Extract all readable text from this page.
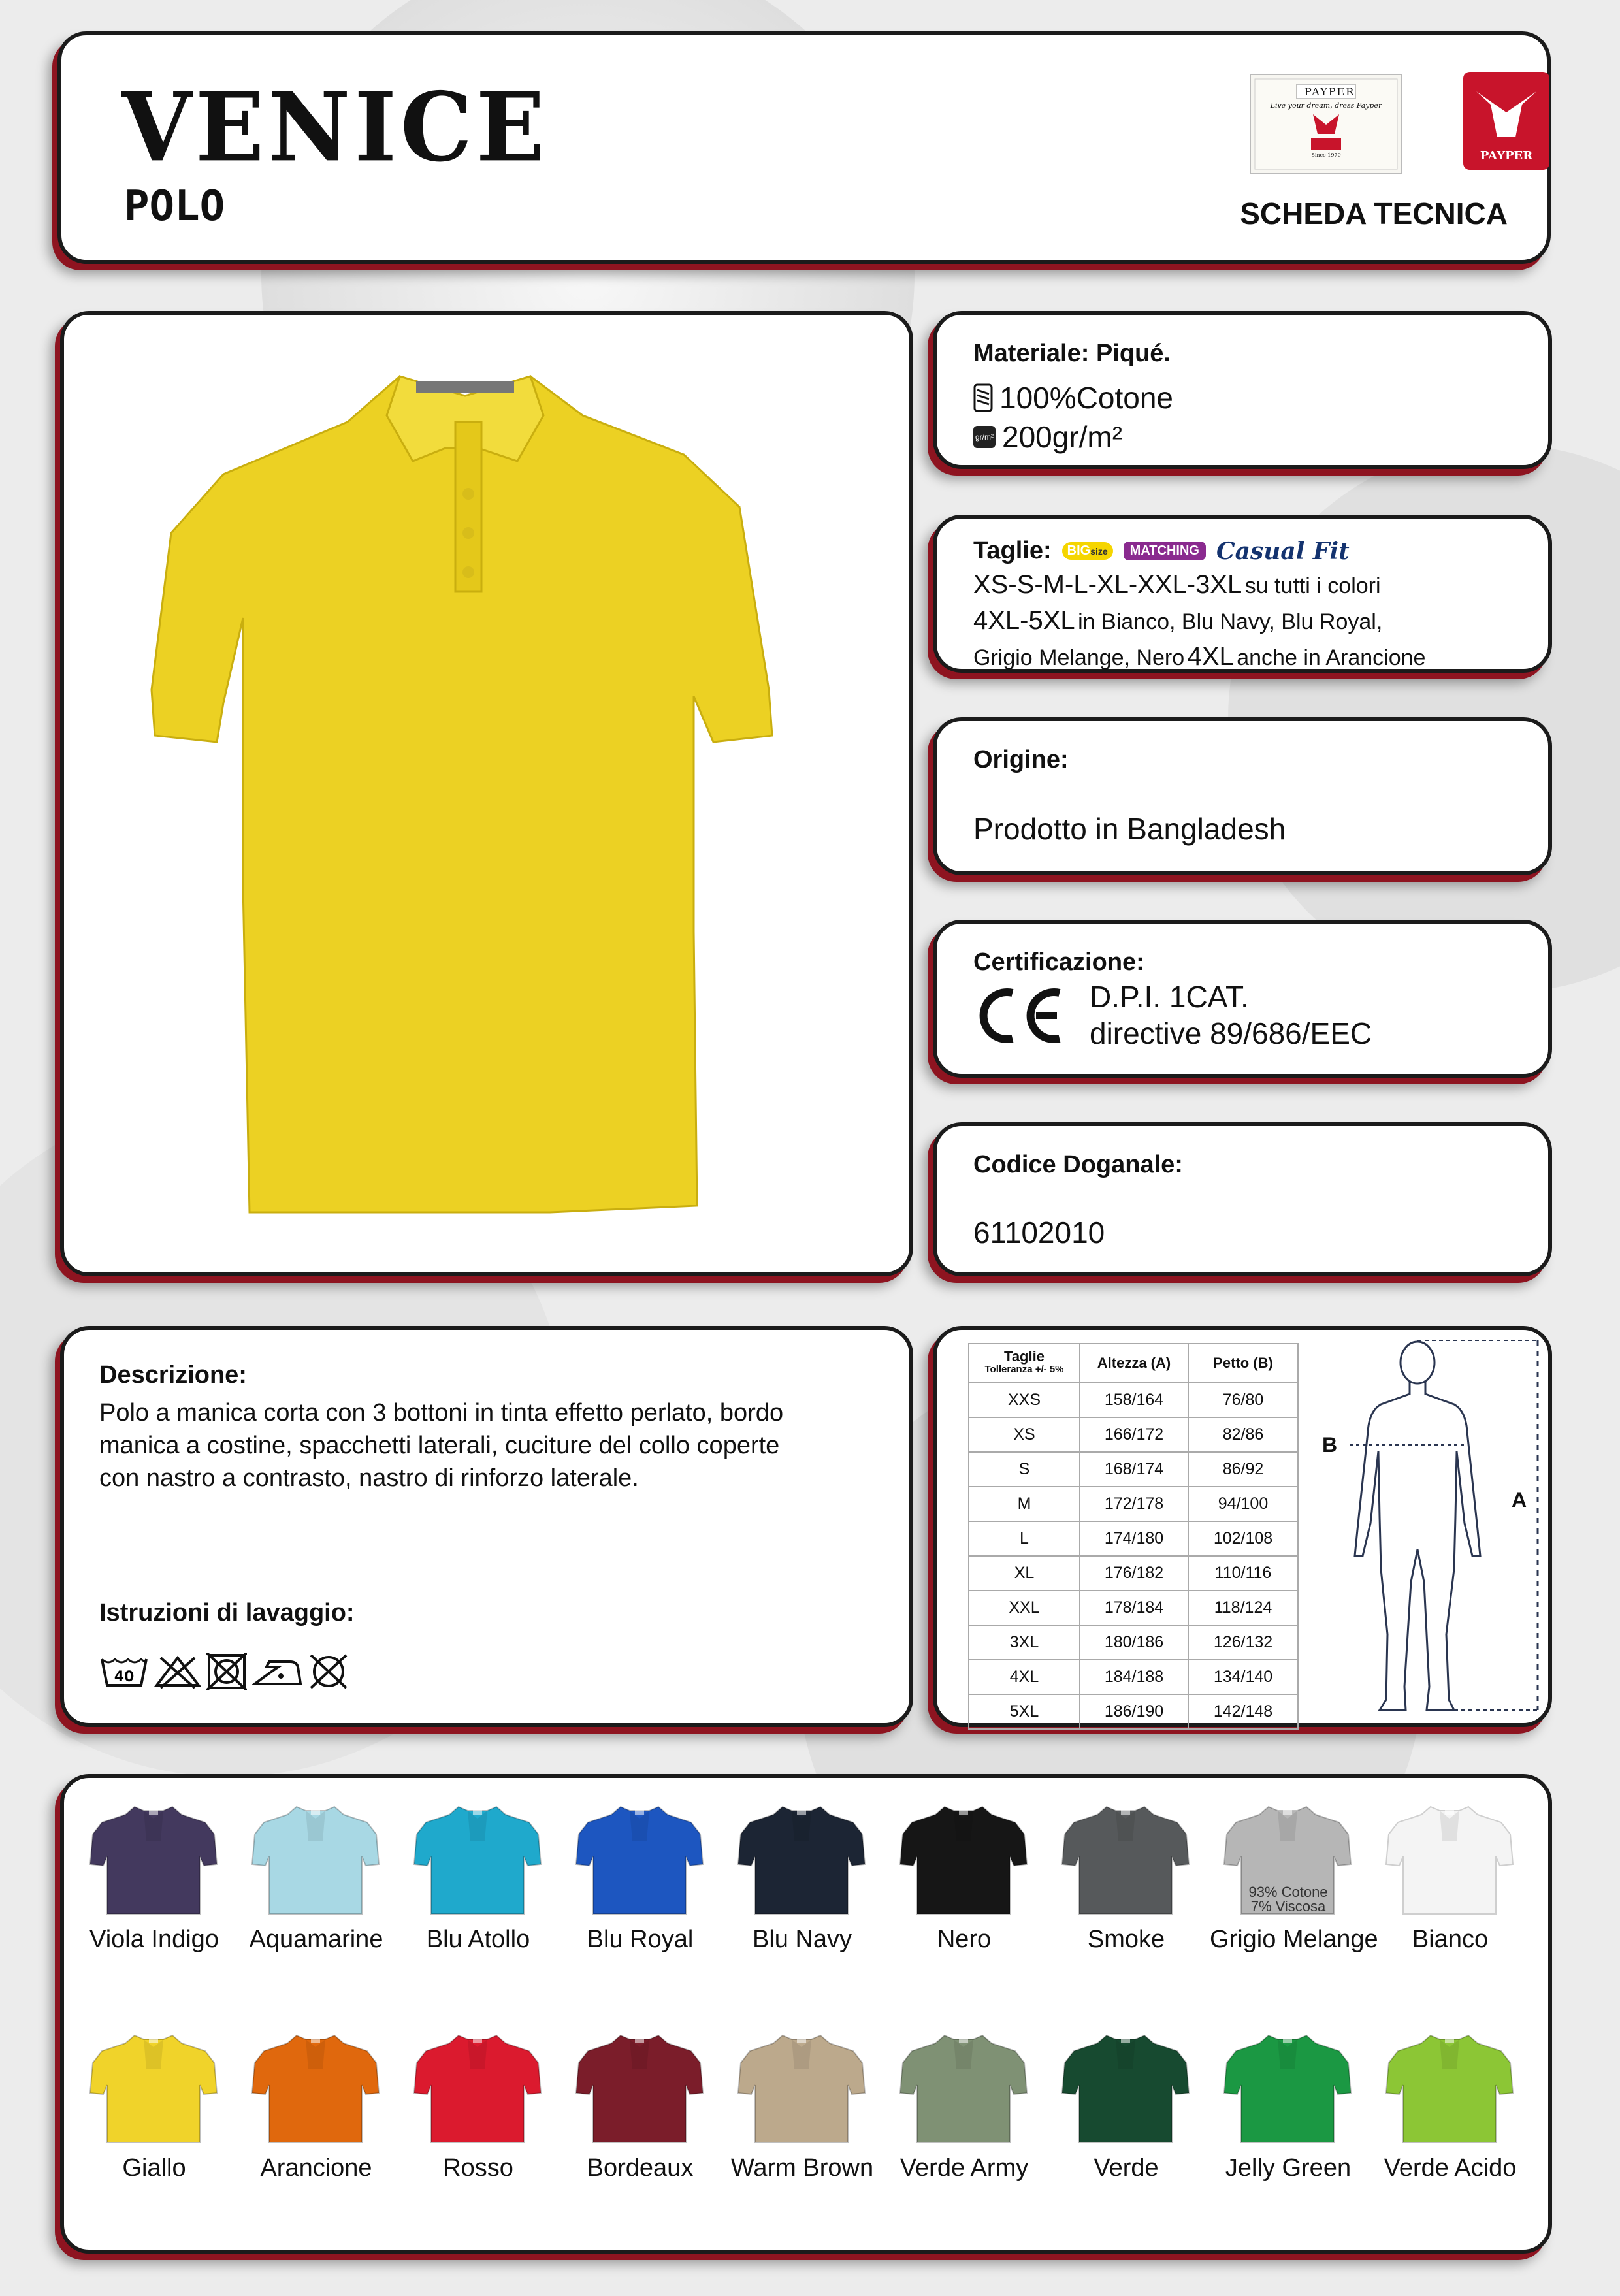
VENICE
POLO
PAYPER
Live your dream, dress Payper
Since 1970	PAYPER
SCHEDA TECNICA
Materiale: Piqué.
100%Cotone
gr/m² 200gr/m²
Taglie:	BIGsize	MATCHING Casual Fit
XS-S-M-L-XL-XXL-3XL su tutti i colori
4XL-5XL in Bianco, Blu Navy, Blu Royal,
Grigio Melange, Nero 4XL anche in Arancione
Origine:
Prodotto in Bangladesh
Certificazione:
D.P.I. 1CAT.
directive 89/686/EEC
Codice Doganale:
61102010
Descrizione:
Polo a manica corta con 3 bottoni in tinta effetto perlato, bordo
manica a costine, spacchetti laterali, cuciture del collo coperte
con nastro a contrasto, nastro di rinforzo laterale.
Istruzioni di lavaggio:
40
Taglie
Tolleranza +/- 5%	Altezza (A)	Petto (B)
XXS	158/164	76/80
XS	166/172	82/86
S	168/174	86/92
M	172/178	94/100
L	174/180	102/108
XL	176/182	110/116
XXL	178/184	118/124
3XL	180/186	126/132
4XL	184/188	134/140
5XL	186/190	142/148
A
B
Viola Indigo	Aquamarine	Blu Atollo	Blu Royal	Blu Navy	Nero	Smoke
93% Cotone
7% Viscosa
Grigio Melange	Bianco
Giallo	Arancione	Rosso	Bordeaux	Warm Brown	Verde Army	Verde	Jelly Green	Verde Acido
